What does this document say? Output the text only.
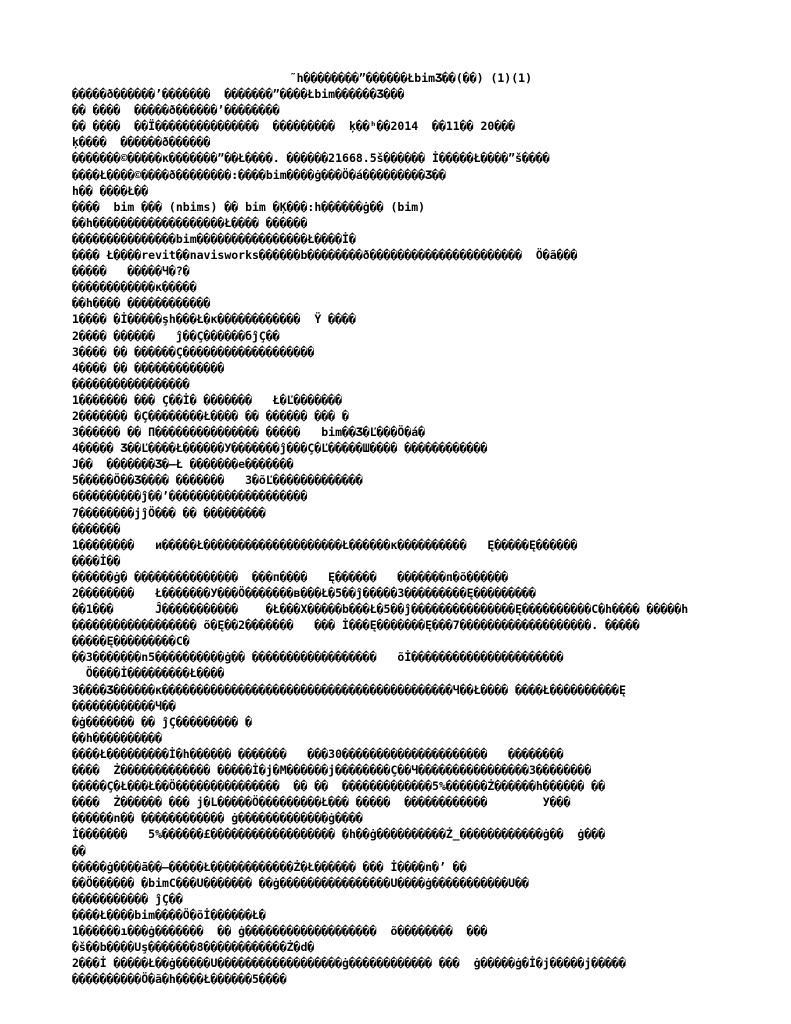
˜h��������”������ŁbimƷ��(��) (1)(1)
�����ð������’�������  �������”����Łbim������Ʒ���
�� ����  �����ð������’��������
�� ����  ��Ï���������������  ���������  ķ��ʰ��2014  ��11�� 20���
ķ����  ������ð������
�������©�����ĸ�������”��Ł����. ������21668.5š������ İ�����Ł����”š����
����Ł����©����ð��������:����bim����ġ���Ö�á���������Ʒ��
h�� ����Ł��
����  bim ��� (nbims) �� bim �Ķ���:h������ġ�� (bim)
��h�������������������Ł���� ������
���������������bim����������������Ł����İ�
���� Ł����revit��navisworks������b��������ð����������������������  Ö�ã���
�����   �����Ч�?�
������������ĸ�����
��h���� ������������
1���� �İ�����şh���Ł�ĸ������������  Ÿ ����
2���� ������   ĵ��Ç������бĵÇ��
3���� �� ������Ç�������������������
4���� �� �������������
�����������������
1������� ��� Ç��İ� �������   Ł�Ľ�������
2������� �Ç��������Ł���� �� ������ ��� �
3������ �� П��������������� �����   bim��Ʒ�Ľ���Ö�á�
4����� Ʒ��Ľ����Ł������У�������ĵ���Ç�Ľ�����Ш���� ������������
J��  �������Ʒ�—Ł �������е�������
5�����Ö��Ʒ���� �������   3�õĽ�������������
6���������ĵ��’��������������������
7��������jĵÖ��� �� ���������
�������
1��������   и�����Ł��������������������Ł������к����������   Ę�����Ę������
����İ��
������ġ� ���������������  ���п����   Ę������   �������п�õ������
2��������   Ł�������У���Ö�������в���Ł�5��ĵ�����3���������Ę���������
��1���      Ĵ�����������    �Ł���Х�����b���Ł�5��ĵ���������������Ę����������C�h���� �����h
������������������ õ�Ę��2�������   ��� İ���Ę�������Ę���7�������������������. �����
�����Ę���������C�
��3�������n5����������ġ�� ������������������   õİ����������������������
Ö����İ���������Ł����
3����Ʒ������ĸ������������������������������������������Ч��Ł���� ����Ł����������Ę
������������Ч��
�ġ������� �� ĵÇ��������� �
��h����������
����Ł���������İ�h������ �������   ���30���������������������   ��������
����  Ż������������� �����İ�j�M������j��������Ç��Ч����������������3��������
�����Ç�Ł���Ł��Ö���������������  �� ��  �������������5%������Ż������h������ ��
����  Ż������ ��� j�L�����Ö���������Ł��� �����  ������������        У���
������n�� ������������ ġ�������������ġ����
İ�������   5%������£������������������ �h��ġ����������Ż_������������ġ��  ġ���
��
�����ġ����ā��—�����Ł������������Ż�Ł������ ��� İ����n�’ ��
��Ö������ �bimC���U������� ��ġ����������������U����ġ�����������U��
����������� ĵÇ��
����Ł����bim����Ö�õİ������Ł�
1������ı���ġ�������  �� ġ�������������������  õ��������  ���
�š��b����Uş�������8������������Ż�d�
2���İ �����Ł��ġ�����U������������������ġ������������ ���  ġ�����ġ�İ�j�����j�����
����������Ö�ã�h����Ł������5����
